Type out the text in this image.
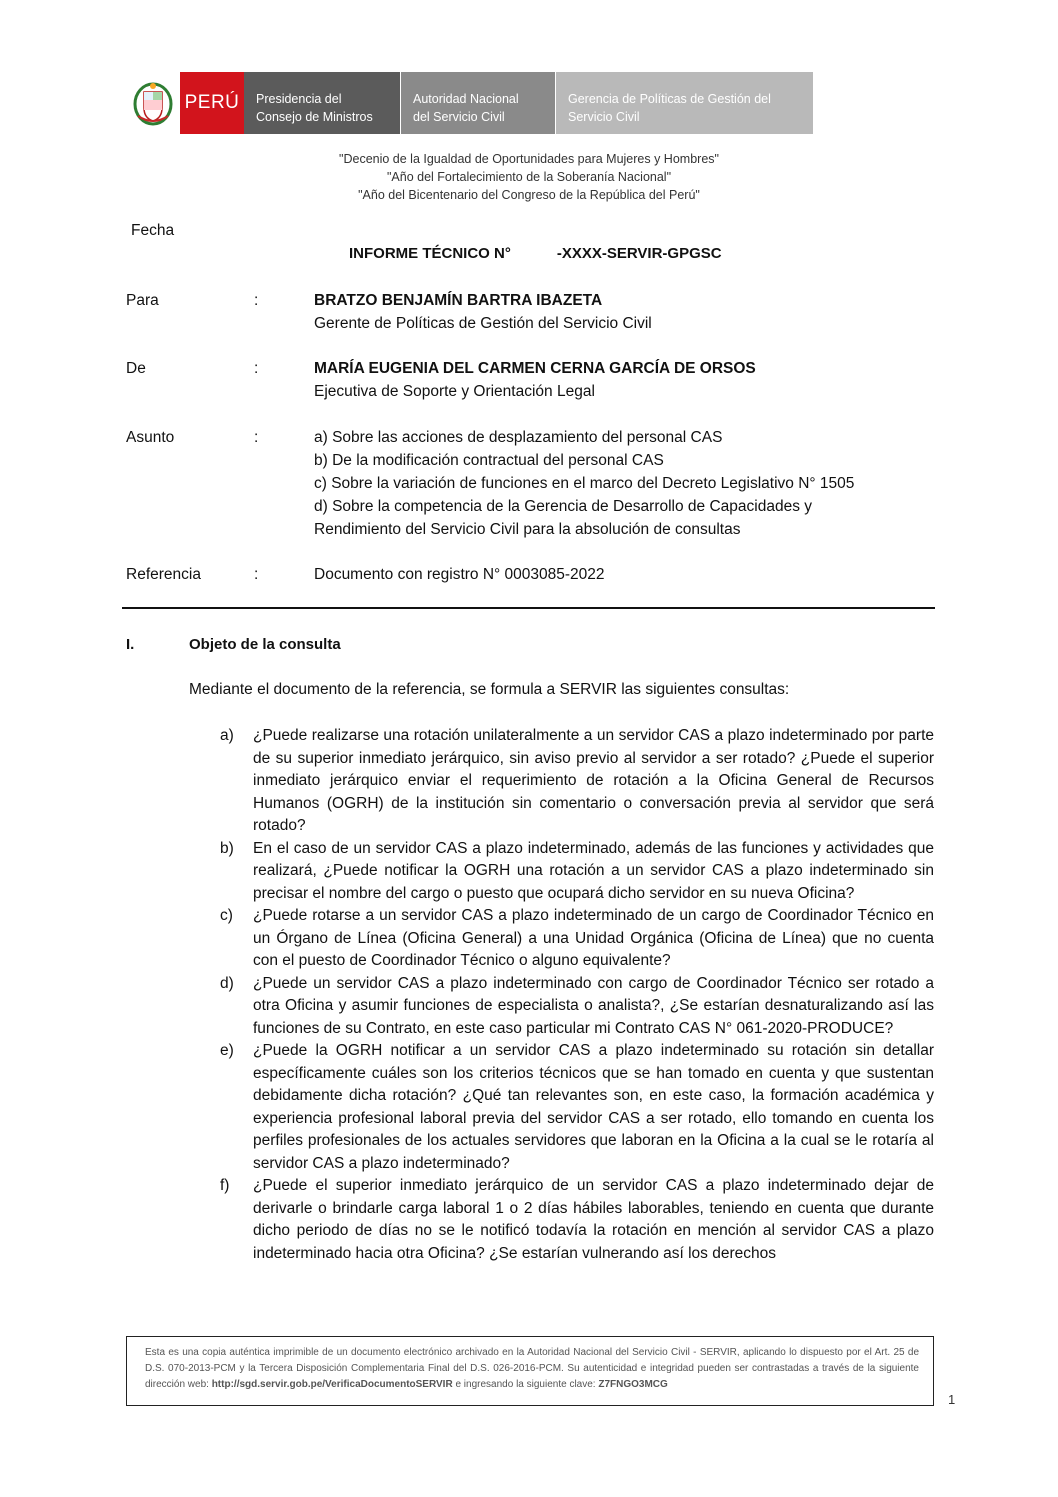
PERÚ Presidencia del
Consejo de Ministros
Autoridad Nacional
del Servicio Civil
Gerencia de Políticas de Gestión del
Servicio Civil
"Decenio de la Igualdad de Oportunidades para Mujeres y Hombres"
"Año del Fortalecimiento de la Soberanía Nacional"
"Año del Bicentenario del Congreso de la República del Perú"
Fecha
INFORME TÉCNICO N°	-XXXX-SERVIR-GPGSC
Para	:	BRATZO BENJAMÍN BARTRA IBAZETA
Gerente de Políticas de Gestión del Servicio Civil
De	:	MARÍA EUGENIA DEL CARMEN CERNA GARCÍA DE ORSOS
Ejecutiva de Soporte y Orientación Legal
Asunto	:	a) Sobre las acciones de desplazamiento del personal CAS
b) De la modificación contractual del personal CAS
c) Sobre la variación de funciones en el marco del Decreto Legislativo N° 1505
d) Sobre la competencia de la Gerencia de Desarrollo de Capacidades y
Rendimiento del Servicio Civil para la absolución de consultas
Referencia	:	Documento con registro N° 0003085-2022
I.	Objeto de la consulta
Mediante el documento de la referencia, se formula a SERVIR las siguientes consultas:
a)	¿Puede realizarse una rotación unilateralmente a un servidor CAS a plazo indeterminado por parte de su superior inmediato jerárquico, sin aviso previo al servidor a ser rotado? ¿Puede el superior inmediato jerárquico enviar el requerimiento de rotación a la Oficina General de Recursos Humanos (OGRH) de la institución sin comentario o conversación previa al servidor que será rotado?
b)	En el caso de un servidor CAS a plazo indeterminado, además de las funciones y actividades que realizará, ¿Puede notificar la OGRH una rotación a un servidor CAS a plazo indeterminado sin precisar el nombre del cargo o puesto que ocupará dicho servidor en su nueva Oficina?
c)	¿Puede rotarse a un servidor CAS a plazo indeterminado de un cargo de Coordinador Técnico en un Órgano de Línea (Oficina General) a una Unidad Orgánica (Oficina de Línea) que no cuenta con el puesto de Coordinador Técnico o alguno equivalente?
d)	¿Puede un servidor CAS a plazo indeterminado con cargo de Coordinador Técnico ser rotado a otra Oficina y asumir funciones de especialista o analista?, ¿Se estarían desnaturalizando así las funciones de su Contrato, en este caso particular mi Contrato CAS N° 061-2020-PRODUCE?
e)	¿Puede la OGRH notificar a un servidor CAS a plazo indeterminado su rotación sin detallar específicamente cuáles son los criterios técnicos que se han tomado en cuenta y que sustentan debidamente dicha rotación? ¿Qué tan relevantes son, en este caso, la formación académica y experiencia profesional laboral previa del servidor CAS a ser rotado, ello tomando en cuenta los perfiles profesionales de los actuales servidores que laboran en la Oficina a la cual se le rotaría al servidor CAS a plazo indeterminado?
f)	¿Puede el superior inmediato jerárquico de un servidor CAS a plazo indeterminado dejar de derivarle o brindarle carga laboral 1 o 2 días hábiles laborables, teniendo en cuenta que durante dicho periodo de días no se le notificó todavía la rotación en mención al servidor CAS a plazo indeterminado hacia otra Oficina? ¿Se estarían vulnerando así los derechos
Esta es una copia auténtica imprimible de un documento electrónico archivado en la Autoridad Nacional del Servicio Civil - SERVIR, aplicando lo dispuesto por el Art. 25 de D.S. 070-2013-PCM y la Tercera Disposición Complementaria Final del D.S. 026-2016-PCM. Su autenticidad e integridad pueden ser contrastadas a través de la siguiente dirección web: http://sgd.servir.gob.pe/VerificaDocumentoSERVIR e ingresando la siguiente clave: Z7FNGO3MCG
1
